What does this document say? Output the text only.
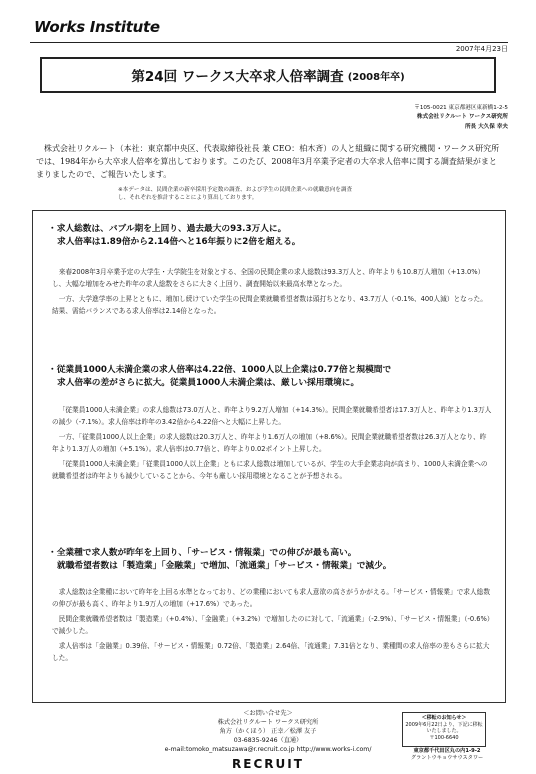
Works Institute
2007年4月23日
第24回 ワークス大卒求人倍率調査 (2008年卒)
〒105-0021 東京都港区東新橋1-2-5
株式会社リクルート ワークス研究所
所長 大久保 幸夫
株式会社リクルート（本社：東京都中央区、代表取締役社長 兼 CEO：柏木斉）の人と組織に関する研究機関・ワークス研究所では、1984年から大卒求人倍率を算出しております。このたび、2008年3月卒業予定者の大卒求人倍率に関する調査結果がまとまりましたので、ご報告いたします。
※本データは、民間企業の新卒採用予定数の調査、および学生の民間企業への就職意向を調査
し、それぞれを推計することにより算出しております。
・求人総数は、バブル期を上回り、過去最大の93.3万人に。
求人倍率は1.89倍から2.14倍へと16年振りに2倍を超える。
来春2008年3月卒業予定の大学生・大学院生を対象とする、全国の民間企業の求人総数は93.3万人と、昨年よりも10.8万人増加（+13.0%）し、大幅な増加をみせた昨年の求人総数をさらに大きく上回り、調査開始以来最高水準となった。
一方、大学進学率の上昇とともに、増加し続けていた学生の民間企業就職希望者数は頭打ちとなり、43.7万人（-0.1%、400人減）となった。結果、需給バランスである求人倍率は2.14倍となった。
・従業員1000人未満企業の求人倍率は4.22倍、1000人以上企業は0.77倍と規模間で
求人倍率の差がさらに拡大。従業員1000人未満企業は、厳しい採用環境に。
「従業員1000人未満企業」の求人総数は73.0万人と、昨年より9.2万人増加（+14.3%）。民間企業就職希望者は17.3万人と、昨年より1.3万人の減少（-7.1%）。求人倍率は昨年の3.42倍から4.22倍へと大幅に上昇した。
一方、「従業員1000人以上企業」の求人総数は20.3万人と、昨年より1.6万人の増加（+8.6%）。民間企業就職希望者数は26.3万人となり、昨年より1.3万人の増加（+5.1%）。求人倍率は0.77倍と、昨年より0.02ポイント上昇した。
「従業員1000人未満企業」「従業員1000人以上企業」ともに求人総数は増加しているが、学生の大手企業志向が高まり、1000人未満企業への就職希望者は昨年よりも減少していることから、今年も厳しい採用環境となることが予想される。
・全業種で求人数が昨年を上回り、「サービス・情報業」での伸びが最も高い。
就職希望者数は「製造業」「金融業」で増加、「流通業」「サービス・情報業」で減少。
求人総数は全業種において昨年を上回る水準となっており、どの業種においても求人意欲の高さがうかがえる。「サービス・情報業」で求人総数の伸びが最も高く、昨年より1.9万人の増加（+17.6%）であった。
民間企業就職希望者数は「製造業」（+0.4%）、「金融業」（+3.2%）で増加したのに対して、「流通業」（-2.9%）、「サービス・情報業」（-0.6%）で減少した。
求人倍率は「金融業」0.39倍、「サービス・情報業」0.72倍、「製造業」2.64倍、「流通業」7.31倍となり、業種間の求人倍率の差もさらに拡大した。
＜お問い合せ先＞
株式会社リクルート ワークス研究所
角方（かくほう） 正幸／松澤 友子
03-6835-9246（直通）
e-mail:tomoko_matsuzawa@r.recruit.co.jp http://www.works-i.com/
＜移転のお知らせ＞
2009年6月22日より、下記に移転
いたしました。
〒100-6640
東京都千代田区丸の内1-9-2
グラントウキョウサウスタワー
RECRUIT
